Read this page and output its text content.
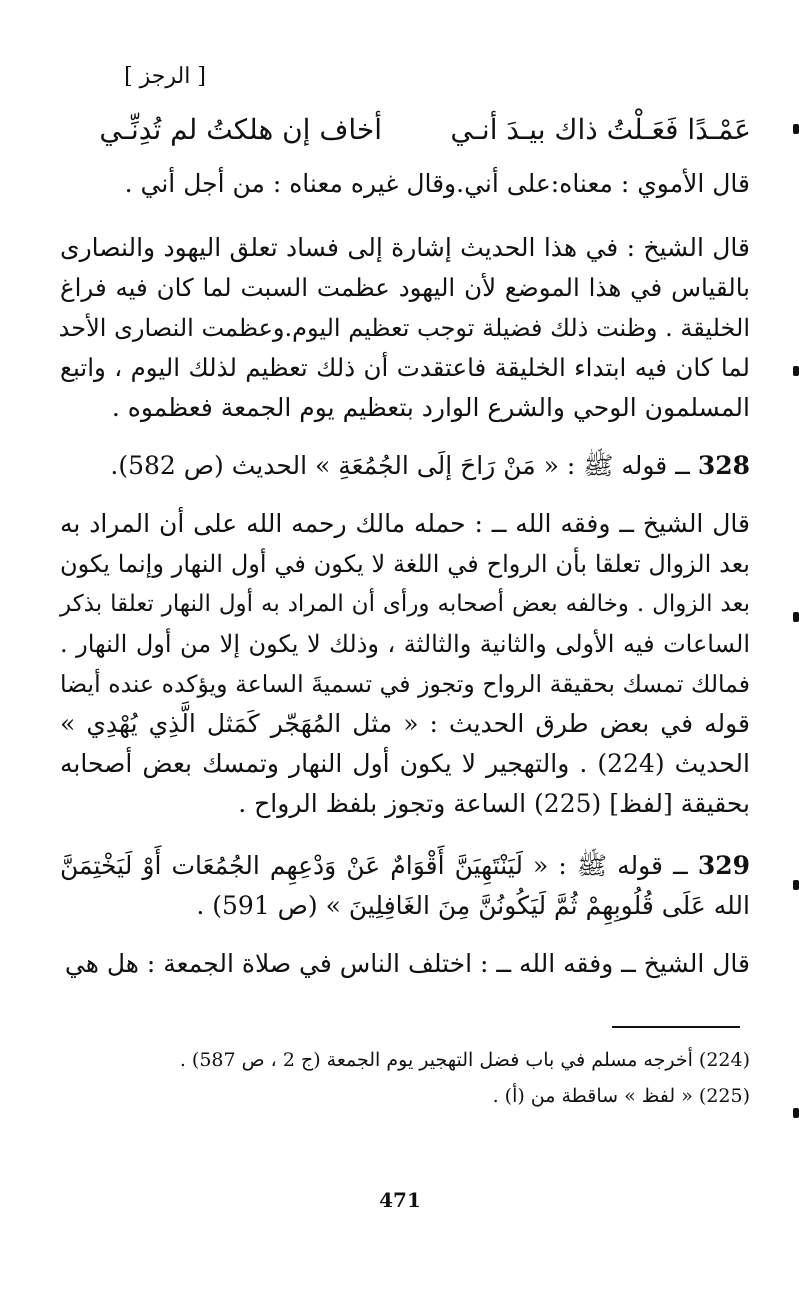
[ الرجز ]
عَمْـدًا فَعَـلْتُ ذاك بيـدَ أنـي
أخاف إن هلكتُ لم تُدِنِّـي
قال الأموي : معناه:على أني.وقال غيره معناه : من أجل أني .
قال الشيخ : في هذا الحديث إشارة إلى فساد تعلق اليهود والنصارى
بالقياس في هذا الموضع لأن اليهود عظمت السبت لما كان فيه فراغ
الخليقة . وظنت ذلك فضيلة توجب تعظيم اليوم.وعظمت النصارى الأحد
لما كان فيه ابتداء الخليقة فاعتقدت أن ذلك تعظيم لذلك اليوم ، واتبع
المسلمون الوحي والشرع الوارد بتعظيم يوم الجمعة فعظموه .
328 ــ قوله ﷺ : « مَنْ رَاحَ إلَى الجُمُعَةِ » الحديث (ص 582).
قال الشيخ ــ وفقه الله ــ : حمله مالك رحمه الله على أن المراد به
بعد الزوال تعلقا بأن الرواح في اللغة لا يكون في أول النهار وإنما يكون
بعد الزوال . وخالفه بعض أصحابه ورأى أن المراد به أول النهار تعلقا بذكر
الساعات فيه الأولى والثانية والثالثة ، وذلك لا يكون إلا من أول النهار .
فمالك تمسك بحقيقة الرواح وتجوز في تسميةَ الساعة ويؤكده عنده أيضا
قوله في بعض طرق الحديث : « مثل المُهَجّر كَمَثل الَّذِي يُهْدِي »
الحديث (224) . والتهجير لا يكون أول النهار وتمسك بعض أصحابه
بحقيقة [لفظ] (225) الساعة وتجوز بلفظ الرواح .
329 ــ قوله ﷺ : « لَيَنْتَهِيَنَّ أَقْوَامٌ عَنْ وَدْعِهِم الجُمُعَات أَوْ لَيَخْتِمَنَّ
الله عَلَى قُلُوبِهِمْ ثُمَّ لَيَكُونُنَّ مِنَ الغَافِلِينَ » (ص 591) .
قال الشيخ ــ وفقه الله ــ : اختلف الناس في صلاة الجمعة : هل هي
(224) أخرجه مسلم في باب فضل التهجير يوم الجمعة (ج 2 ، ص 587) .
(225) « لفظ » ساقطة من (أ) .
471
